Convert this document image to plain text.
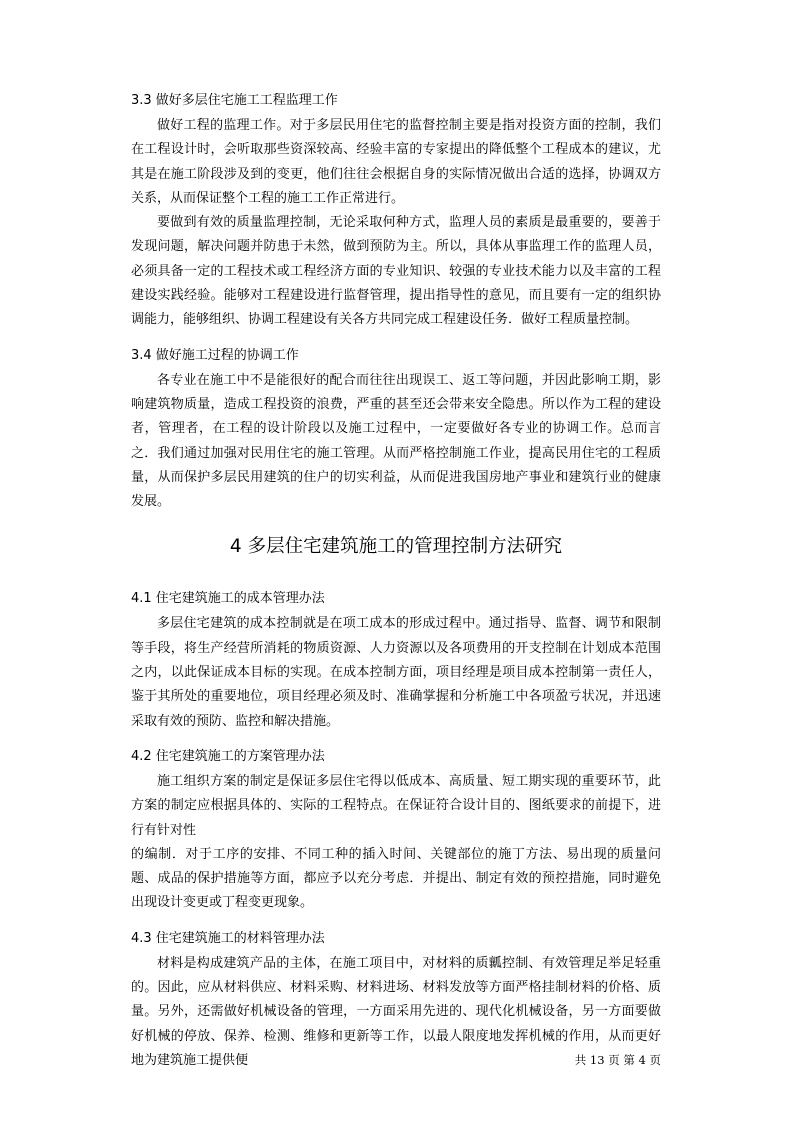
3.3 做好多层住宅施工工程监理工作

做好工程的监理工作。对于多层民用住宅的监督控制主要是指对投资方面的控制，我们在工程设计时，会听取那些资深较高、经验丰富的专家提出的降低整个工程成本的建议，尤其是在施工阶段涉及到的变更，他们往往会根据自身的实际情况做出合适的选择，协调双方关系，从而保证整个工程的施工工作正常进行。

要做到有效的质量监理控制，无论采取何种方式，监理人员的素质是最重要的，要善于发现问题，解决问题并防患于未然，做到预防为主。所以，具体从事监理工作的监理人员，必须具备一定的工程技术或工程经济方面的专业知识、较强的专业技术能力以及丰富的工程建设实践经验。能够对工程建设进行监督管理，提出指导性的意见，而且要有一定的组织协调能力，能够组织、协调工程建设有关各方共同完成工程建设任务．做好工程质量控制。

3.4 做好施工过程的协调工作

各专业在施工中不是能很好的配合而往往出现误工、返工等问题，并因此影响工期，影响建筑物质量，造成工程投资的浪费，严重的甚至还会带来安全隐患。所以作为工程的建设者，管理者，在工程的设计阶段以及施工过程中，一定要做好各专业的协调工作。总而言之．我们通过加强对民用住宅的施工管理。从而严格控制施工作业，提高民用住宅的工程质量，从而保护多层民用建筑的住户的切实利益，从而促进我国房地产事业和建筑行业的健康发展。

4 多层住宅建筑施工的管理控制方法研究
4.1 住宅建筑施工的成本管理办法

多层住宅建筑的成本控制就是在项工成本的形成过程中。通过指导、监督、调节和限制等手段，将生产经营所消耗的物质资源、人力资源以及各项费用的开支控制在计划成本范围之内，以此保证成本目标的实现。在成本控制方面，项目经理是项目成本控制第一责任人，鉴于其所处的重要地位，项目经理必须及时、准确掌握和分析施工中各项盈亏状况，并迅速采取有效的预防、监控和解决措施。

4.2 住宅建筑施工的方案管理办法

施工组织方案的制定是保证多层住宅得以低成本、高质量、短工期实现的重要环节，此方案的制定应根据具体的、实际的工程特点。在保证符合设计目的、图纸要求的前提下，进行有针对性

的编制．对于工序的安排、不同工种的插入时间、关键部位的施丁方法、易出现的质量问题、成品的保护措施等方面，都应予以充分考虑．并提出、制定有效的预控措施，同时避免出现设计变更或丁程变更现象。

4.3 住宅建筑施工的材料管理办法

材料是构成建筑产品的主体，在施工项目中，对材料的质瓤控制、有效管理足举足轻重的。因此，应从材料供应、材料采购、材料进场、材料发放等方面严格挂制材料的价格、质量。另外，还需做好机械设备的管理，一方面采用先进的、现代化机械设备，另一方面要做好机械的停放、保养、检测、维修和更新等工作，以最人限度地发挥机械的作用，从而更好地为建筑施工提供便	共 13 页 第 4 页
